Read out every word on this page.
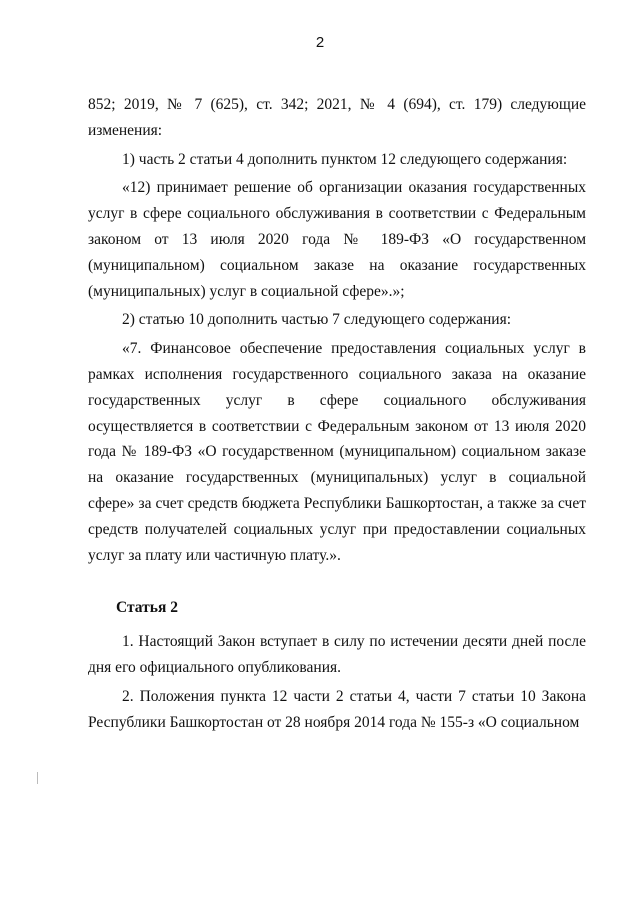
2

852; 2019, № 7 (625), ст. 342; 2021, № 4 (694), ст. 179) следующие изменения:

1) часть 2 статьи 4 дополнить пунктом 12 следующего содержания:

«12) принимает решение об организации оказания государственных услуг в сфере социального обслуживания в соответствии с Федеральным законом от 13 июля 2020 года № 189-ФЗ «О государственном (муниципальном) социальном заказе на оказание государственных (муниципальных) услуг в социальной сфере».»;

2) статью 10 дополнить частью 7 следующего содержания:

«7. Финансовое обеспечение предоставления социальных услуг в рамках исполнения государственного социального заказа на оказание государственных услуг в сфере социального обслуживания осуществляется в соответствии с Федеральным законом от 13 июля 2020 года № 189-ФЗ «О государственном (муниципальном) социальном заказе на оказание государственных (муниципальных) услуг в социальной сфере» за счет средств бюджета Республики Башкортостан, а также за счет средств получателей социальных услуг при предоставлении социальных услуг за плату или частичную плату.».

Статья 2

1. Настоящий Закон вступает в силу по истечении десяти дней после дня его официального опубликования.

2. Положения пункта 12 части 2 статьи 4, части 7 статьи 10 Закона Республики Башкортостан от 28 ноября 2014 года № 155-з «О социальном
